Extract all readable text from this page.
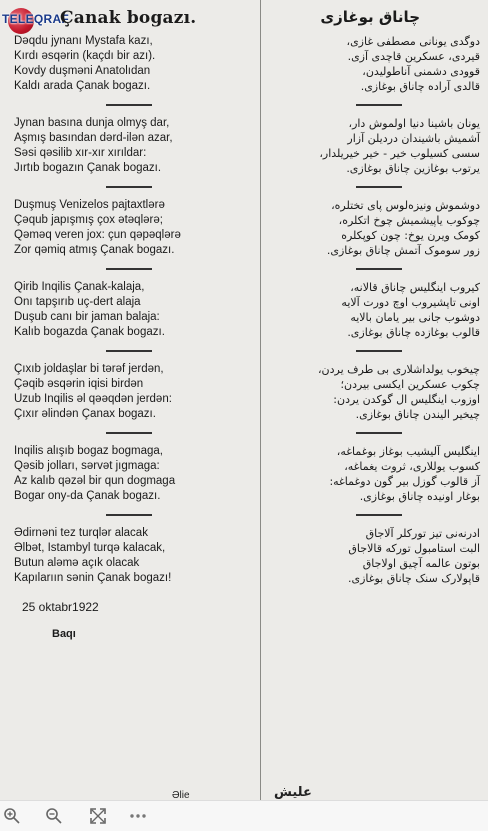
TELEQRAF
Çanak bogazı.
Dəqdu jynanı Mystafa kazı,
Kırdı əsqərin (kaçdı bir azı).
Kovdy duşməni Anatolıdan
Kaldı arada Çanak bogazı.
Jynan basına dunja olmyş dar,
Aşmış basından dərd-ilən azar,
Səsi qəsilib xır-xır xırıldar:
Jırtıb bogazın Çanak bogazı.
Duşmuş Venizelos pajtaxtlərə
Çəqub japışmış çox ətəqlərə;
Qəməq veren jox: çun qəpəqlərə
Zor qəmiq atmış Çanak bogazı.
Qirib Inqilis Çanak-kalaja,
Onı tapşırıb uç-dert alaja
Duşub canı bir jaman balaja:
Kalıb bogazda Çanak bogazı.
Çıxıb joldaşlar bi tərəf jerdən,
Çəqib əsqərin iqisi birdən
Uzub Inqilis əl qəəqdən jerdən:
Çıxır əlindən Çanax bogazı.
Inqilis alışıb bogaz bogmaga,
Qəsib jolları, sərvət jıgmaga:
Az kalıb qəzəl bir qun dogmaga
Bogar ony-da Çanak bogazı.
Ədirnəni tez turqlər alacak
Əlbət, Istambyl turqə kalacak,
Butun aləmə açık olacak
Kapılarıın sənin Çanak bogazı!
25 oktabr1922
Baqı
چاناق بوغازی
دوگدی یونانی مصطفی غازی،
قیردی، عسکرین قاچدی آزی.
قوودی دشمنی آناطولیدن،
قالدی آراده چاناق بوغازی.
یونان باشینا دنیا اولموش دار،
آشمیش باشیندان دردیلن آزار
سسی کسیلوب خیر - خیر خیریلدار،
یرتوب بوغازین چاناق بوغازی.
دوشموش ونیزه‌لوس پای تختلره،
چوکوب یاپیشمیش چوخ اتکلره،
کومک ویرن یوخ: چون کوپکلره
زور سوموک آتمش چاناق بوغازی.
کیروب اینگلیس چاناق قالانه،
اونی تاپشیروب اوچ دورت آلایه
دوشوب جانی بیر یامان بالایه
قالوب بوغازده چاناق بوغازی.
چیخوب یولداشلاری بی طرف یردن،
چکوب عسکرین ایکسی بیردن؛
اوزوب اینگلیس ال گوکدن یردن:
چیخیر الیندن چاناق بوغازی.
اینگلیس آلیشیب بوغاز بوغماغه،
کسوب یوللاری، ثروت یغماغه،
آز قالوب گوزل بیر گون دوغماغه:
بوغار اونیده چاناق بوغازی.
ادرنه‌نی تیز تورکلر آلاجاق
البت استامبول تورکه قالاجاق
بوتون عالمه آچیق اولاجاق
قاپولارک سنک چاناق بوغازی.
Əlie	علیش
